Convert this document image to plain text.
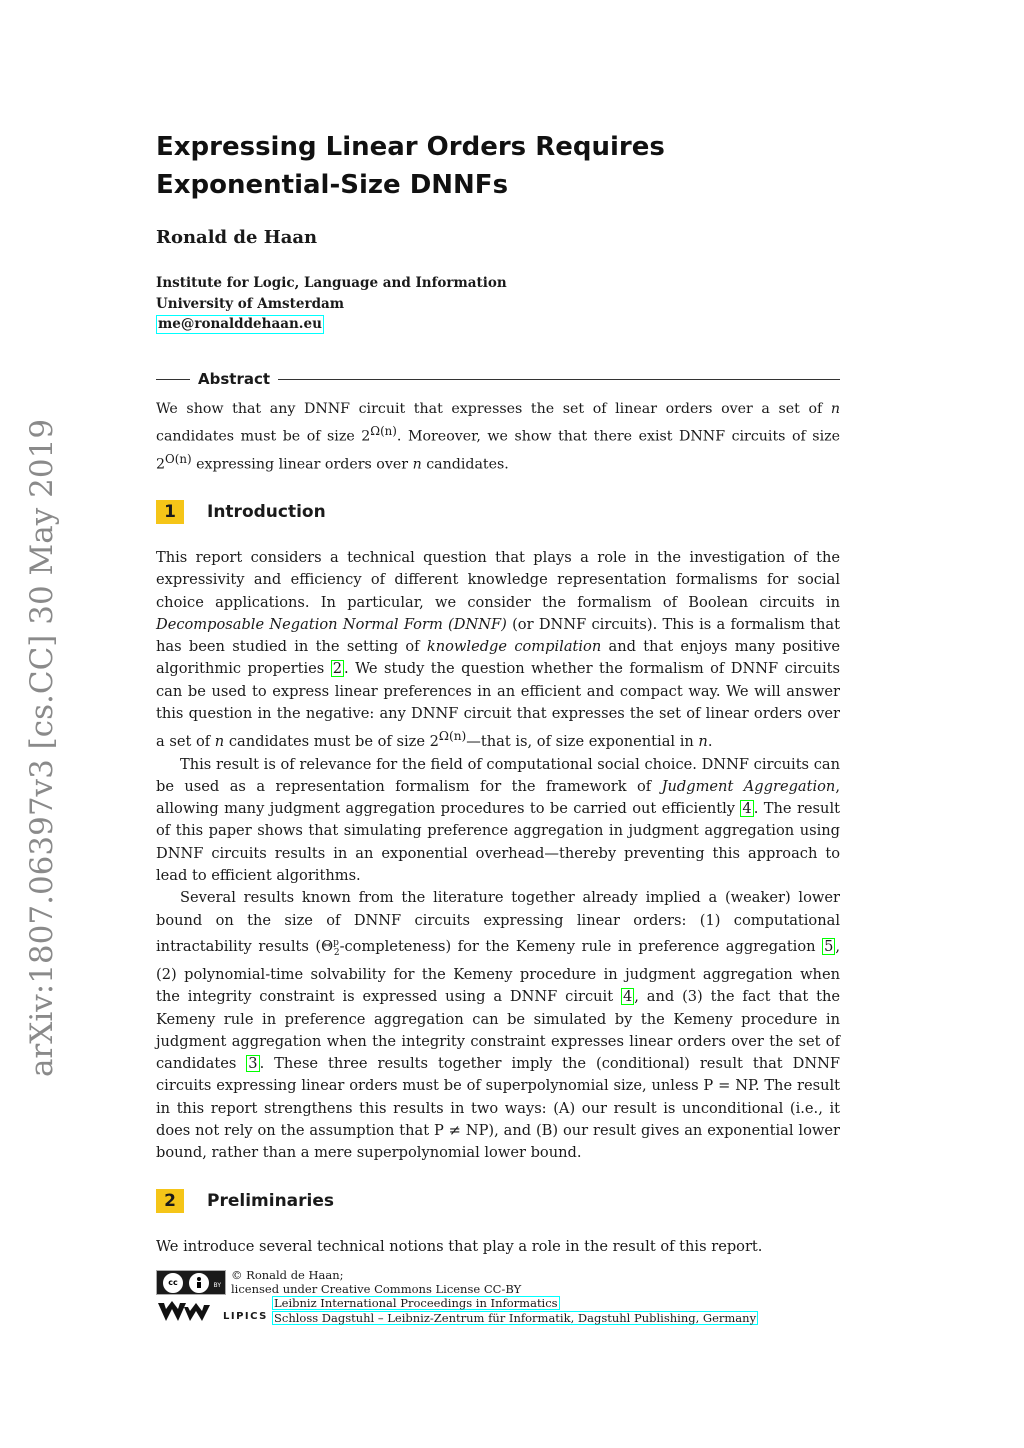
arXiv:1807.06397v3 [cs.CC] 30 May 2019
Expressing Linear Orders Requires
Exponential-Size DNNFs

Ronald de Haan

Institute for Logic, Language and Information
University of Amsterdam
me@ronalddehaan.eu
Abstract

We show that any DNNF circuit that expresses the set of linear orders over a set of n candidates must be of size $2^{\Omega(n)}$. Moreover, we show that there exist DNNF circuits of size $2^{O(n)}$ expressing linear orders over n candidates.

1	Introduction

This report considers a technical question that plays a role in the investigation of the expressivity and efficiency of different knowledge representation formalisms for social choice applications. In particular, we consider the formalism of Boolean circuits in Decomposable Negation Normal Form (DNNF) (or DNNF circuits). This is a formalism that has been studied in the setting of knowledge compilation and that enjoys many positive algorithmic properties 2 . We study the question whether the formalism of DNNF circuits can be used to express linear preferences in an efficient and compact way. We will answer this question in the negative: any DNNF circuit that expresses the set of linear orders over a set of n candidates must be of size $2^{\Omega(n)}—that$ is, of size exponential in n.

This result is of relevance for the field of computational social choice. DNNF circuits can be used as a representation formalism for the framework of Judgment Aggregation, allowing many judgment aggregation procedures to be carried out efficiently 4 . The result of this paper shows that simulating preference aggregation in judgment aggregation using DNNF circuits results in an exponential overhead—thereby preventing this approach to lead to efficient algorithms.

Several results known from the literature together already implied a (weaker) lower bound on the size of DNNF circuits expressing linear orders: (1) computational intractability results $(\Theta^p_2-completeness)$ for the Kemeny rule in preference aggregation 5 , (2) polynomial-time solvability for the Kemeny procedure in judgment aggregation when the integrity constraint is expressed using a DNNF circuit 4 , and (3) the fact that the Kemeny rule in preference aggregation can be simulated by the Kemeny procedure in judgment aggregation when the integrity constraint expresses linear orders over the set of candidates 3 . These three results together imply the (conditional) result that DNNF circuits expressing linear orders must be of superpolynomial size, unless P = NP. The result in this report strengthens this results in two ways: (A) our result is unconditional (i.e., it does not rely on the assumption that P ≠ NP), and (B) our result gives an exponential lower bound, rather than a mere superpolynomial lower bound.

2	Preliminaries

We introduce several technical notions that play a role in the result of this report.

cc	BY
© Ronald de Haan;
licensed under Creative Commons License CC-BY
LIPICS
Leibniz International Proceedings in Informatics
Schloss Dagstuhl – Leibniz-Zentrum für Informatik, Dagstuhl Publishing, Germany
